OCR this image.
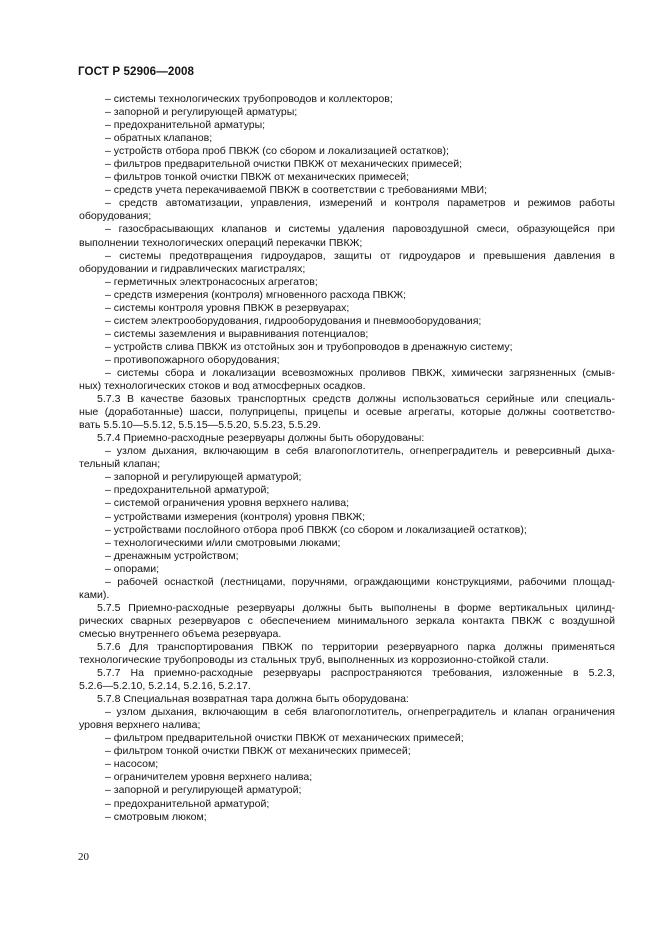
ГОСТ Р 52906—2008
– системы технологических трубопроводов и коллекторов;
– запорной и регулирующей арматуры;
– предохранительной арматуры;
– обратных клапанов;
– устройств отбора проб ПВКЖ (со сбором и локализацией остатков);
– фильтров предварительной очистки ПВКЖ от механических примесей;
– фильтров тонкой очистки ПВКЖ от механических примесей;
– средств учета перекачиваемой ПВКЖ в соответствии с требованиями МВИ;
– средств автоматизации, управления, измерений и контроля параметров и режимов работы
оборудования;
– газосбрасывающих клапанов и системы удаления паровоздушной смеси, образующейся при
выполнении технологических операций перекачки ПВКЖ;
– системы предотвращения гидроударов, защиты от гидроударов и превышения давления в
оборудовании и гидравлических магистралях;
– герметичных электронасосных агрегатов;
– средств измерения (контроля) мгновенного расхода ПВКЖ;
– системы контроля уровня ПВКЖ в резервуарах;
– систем электрооборудования, гидрооборудования и пневмооборудования;
– системы заземления и выравнивания потенциалов;
– устройств слива ПВКЖ из отстойных зон и трубопроводов в дренажную систему;
– противопожарного оборудования;
– системы сбора и локализации всевозможных проливов ПВКЖ, химически загрязненных (смыв-
ных) технологических стоков и вод атмосферных осадков.
5.7.3 В качестве базовых транспортных средств должны использоваться серийные или специаль-
ные (доработанные) шасси, полуприцепы, прицепы и осевые агрегаты, которые должны соответство-
вать 5.5.10—5.5.12, 5.5.15—5.5.20, 5.5.23, 5.5.29.
5.7.4 Приемно-расходные резервуары должны быть оборудованы:
– узлом дыхания, включающим в себя влагопоглотитель, огнепреградитель и реверсивный дыха-
тельный клапан;
– запорной и регулирующей арматурой;
– предохранительной арматурой;
– системой ограничения уровня верхнего налива;
– устройствами измерения (контроля) уровня ПВКЖ;
– устройствами послойного отбора проб ПВКЖ (со сбором и локализацией остатков);
– технологическими и/или смотровыми люками;
– дренажным устройством;
– опорами;
– рабочей оснасткой (лестницами, поручнями, ограждающими конструкциями, рабочими площад-
ками).
5.7.5 Приемно-расходные резервуары должны быть выполнены в форме вертикальных цилинд-
рических сварных резервуаров с обеспечением минимального зеркала контакта ПВКЖ с воздушной
смесью внутреннего объема резервуара.
5.7.6 Для транспортирования ПВКЖ по территории резервуарного парка должны применяться
технологические трубопроводы из стальных труб, выполненных из коррозионно-стойкой стали.
5.7.7 На приемно-расходные резервуары распространяются требования, изложенные в 5.2.3,
5.2.6—5.2.10, 5.2.14, 5.2.16, 5.2.17.
5.7.8 Специальная возвратная тара должна быть оборудована:
– узлом дыхания, включающим в себя влагопоглотитель, огнепреградитель и клапан ограничения
уровня верхнего налива;
– фильтром предварительной очистки ПВКЖ от механических примесей;
– фильтром тонкой очистки ПВКЖ от механических примесей;
– насосом;
– ограничителем уровня верхнего налива;
– запорной и регулирующей арматурой;
– предохранительной арматурой;
– смотровым люком;
20
